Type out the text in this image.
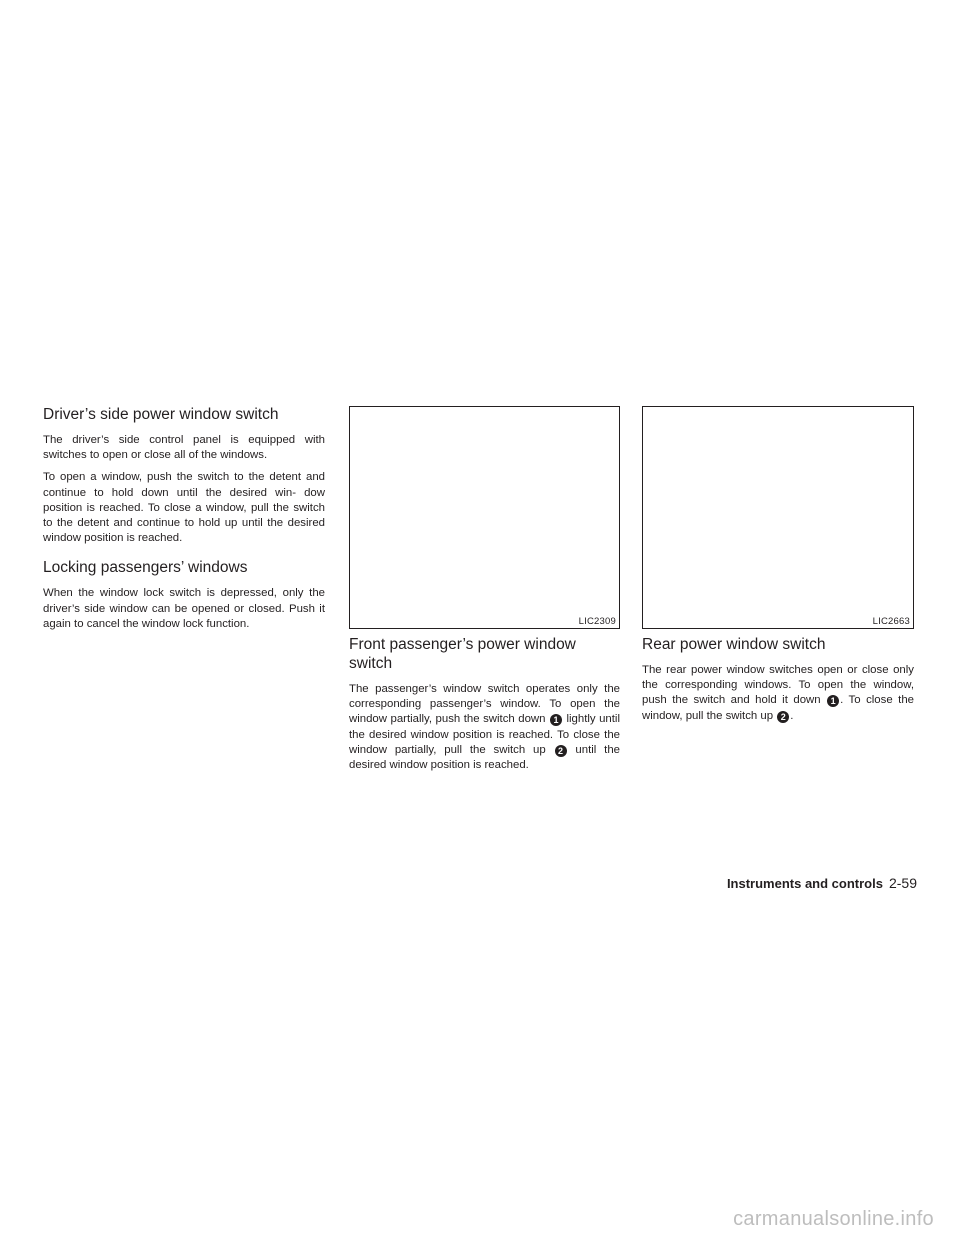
Driver’s side power window switch

The driver’s side control panel is equipped with switches to open or close all of the windows.

To open a window, push the switch to the detent and continue to hold down until the desired win- dow position is reached. To close a window, pull the switch to the detent and continue to hold up until the desired window position is reached.

Locking passengers’ windows

When the window lock switch is depressed, only the driver’s side window can be opened or closed. Push it again to cancel the window lock function.	LIC2309
Front passenger’s power window switch

The passenger’s window switch operates only the corresponding passenger’s window. To open the window partially, push the switch down 1 lightly until the desired window position is reached. To close the window partially, pull the switch up 2 until the desired window position is reached.

LIC2663
Rear power window switch

The rear power window switches open or close only the corresponding windows. To open the window, push the switch and hold it down 1 . To close the window, pull the switch up 2 .

Instruments and controls 2-59
carmanualsonline.info
